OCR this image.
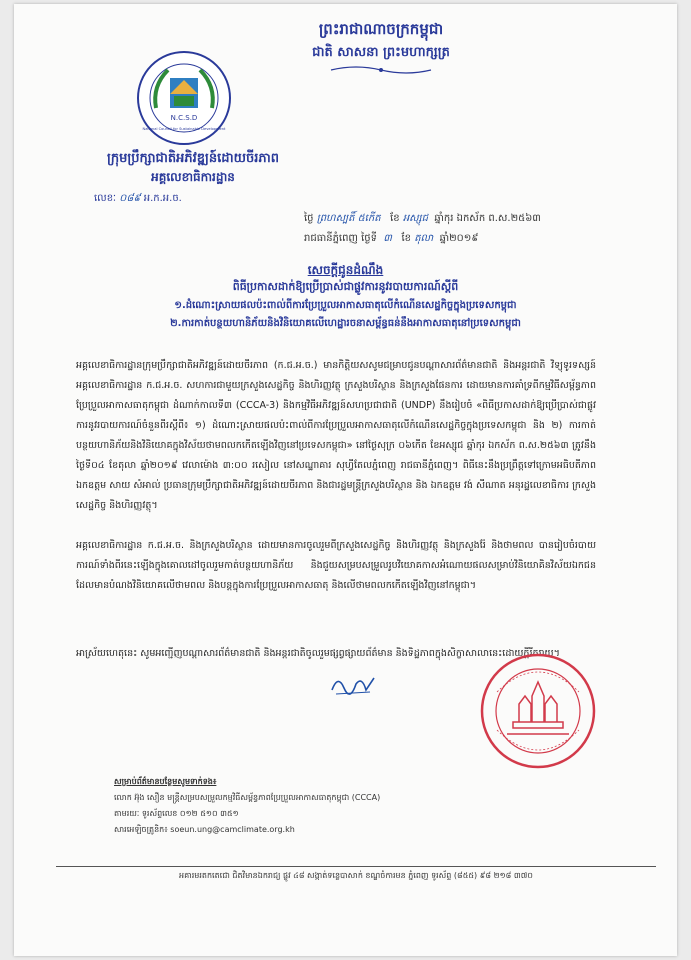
ព្រះរាជាណាចក្រកម្ពុជា
ជាតិ សាសនា ព្រះមហាក្សត្រ
N.C.S.D
National Council for Sustainable Development
ក្រុមប្រឹក្សាជាតិអភិវឌ្ឍន៍ដោយចីរភាព
អគ្គលេខាធិការដ្ឋាន
លេខៈ ០៨៩ អ.ក.អ.ច.
ថ្ងៃ ព្រហស្បតិ៍ ៥កើត ខែ អស្សុជ ឆ្នាំកុរ ឯកស័ក ព.ស.២៥៦៣
រាជធានីភ្នំពេញ ថ្ងៃទី ៣ ខែ តុលា ឆ្នាំ២០១៩
សេចក្តីជូនដំណឹង
ពិធីប្រកាសដាក់ឱ្យប្រើប្រាស់ជាផ្លូវការនូវរបាយការណ៍ស្តីពី
១.ដំណោះស្រាយផលប៉ះពាល់ពីការប្រែប្រួលអាកាសធាតុលើកំណើនសេដ្ឋកិច្ចក្នុងប្រទេសកម្ពុជា
២.ការកាត់បន្ថយហានិភ័យនិងវិនិយោគលើហេដ្ឋារចនាសម្ព័ន្ធធន់នឹងអាកាសធាតុនៅប្រទេសកម្ពុជា
អគ្គលេខាធិការដ្ឋានក្រុមប្រឹក្សាជាតិអភិវឌ្ឍន៍ដោយចីរភាព (ក.ជ.អ.ច.) មានកិត្តិយសសូមជម្រាបជូនបណ្តាសារព័ត៌មានជាតិ និងអន្តរជាតិ វិទ្យុទូរទស្សន៍ អគ្គលេខាធិការដ្ឋាន ក.ជ.អ.ច. សហការជាមួយក្រសួងសេដ្ឋកិច្ច និងហិរញ្ញវត្ថុ ក្រសួងបរិស្ថាន និងក្រសួងផែនការ ដោយមានការគាំទ្រពីកម្មវិធីសម្ព័ន្ធភាពប្រែប្រួលអាកាសធាតុកម្ពុជា ដំណាក់កាលទី៣ (CCCA-3) និងកម្មវិធីអភិវឌ្ឍន៍សហប្រជាជាតិ (UNDP) នឹងរៀបចំ «ពិធីប្រកាសដាក់ឱ្យប្រើប្រាស់ជាផ្លូវការនូវរបាយការណ៍ចំនួនពីរស្តីពី៖ ១) ដំណោះស្រាយផលប៉ះពាល់ពីការប្រែប្រួលអាកាសធាតុលើកំណើនសេដ្ឋកិច្ចក្នុងប្រទេសកម្ពុជា និង ២) ការកាត់បន្ថយហានិភ័យនិងវិនិយោគក្នុងវិស័យថាមពលកកើតឡើងវិញនៅប្រទេសកម្ពុជា» នៅថ្ងៃសុក្រ ០៦កើត ខែអស្សុជ ឆ្នាំកុរ ឯកស័ក ព.ស.២៥៦៣ ត្រូវនឹងថ្ងៃទី០៤ ខែតុលា ឆ្នាំ២០១៩ វេលាម៉ោង ៣:០០ រសៀល នៅសណ្ឋាគារ សុហ្វីតែលភ្នំពេញ រាជធានីភ្នំពេញ។ ពិធីនេះនឹងប្រព្រឹត្តទៅក្រោមអធិបតីភាព ឯកឧត្តម សាយ សំអាល់ ប្រធានក្រុមប្រឹក្សាជាតិអភិវឌ្ឍន៍ដោយចីរភាព និងជារដ្ឋមន្ត្រីក្រសួងបរិស្ថាន និង ឯកឧត្តម វង់ សីណាត អនុរដ្ឋលេខាធិការ ក្រសួងសេដ្ឋកិច្ច និងហិរញ្ញវត្ថុ។
អគ្គលេខាធិការដ្ឋាន ក.ជ.អ.ច. និងក្រសួងបរិស្ថាន ដោយមានការចូលរួមពីក្រសួងសេដ្ឋកិច្ច និងហិរញ្ញវត្ថុ និងក្រសួងរ៉ែ និងថាមពល បានរៀបចំរបាយការណ៍ទាំងពីរនេះឡើងក្នុងគោលដៅចូលរួមកាត់បន្ថយហានិភ័យ និងជួយសម្របសម្រួលរូបវិយោគកាសអំណោយផលសម្រាប់វិនិយោគិនវិស័យឯកជន ដែលមានបំណងវិនិយោគលើថាមពល និងបន្តក្នុងការប្រែប្រួលអាកាសធាតុ និងលើថាមពលកកើតឡើងវិញនៅកម្ពុជា។
អាស្រ័យហេតុនេះ សូមអញ្ជើញបណ្តាសារព័ត៌មានជាតិ និងអន្តរជាតិចូលរួមផ្សព្វផ្សាយព័ត៌មាន និងទិដ្ឋភាពក្នុងសិក្ខាសាលានេះដោយក្តីរីករាយ។
សម្រាប់ព័ត៌មានបន្ថែមសូមទាក់ទង៖
លោក អ៊ុង សឿន មន្ត្រីសម្របសម្រួលកម្មវិធីសម្ព័ន្ធភាពប្រែប្រួលអាកាសធាតុកម្ពុជា (CCCA)
តាមរយៈ ទូរស័ព្ទលេខ ០១២ ៥១០ ៣៥១
សារអេឡិចត្រូនិក៖ soeun.ung@camclimate.org.kh
អគារមរតកតេជោ ជិតវិមានឯករាជ្យ ផ្លូវ ៤៨ សង្កាត់ទន្លេបាសាក់ ខណ្ឌចំការមន ភ្នំពេញ ទូរស័ព្ទ (៨៥៥) ៩៨ ២១៨ ៣៧០
